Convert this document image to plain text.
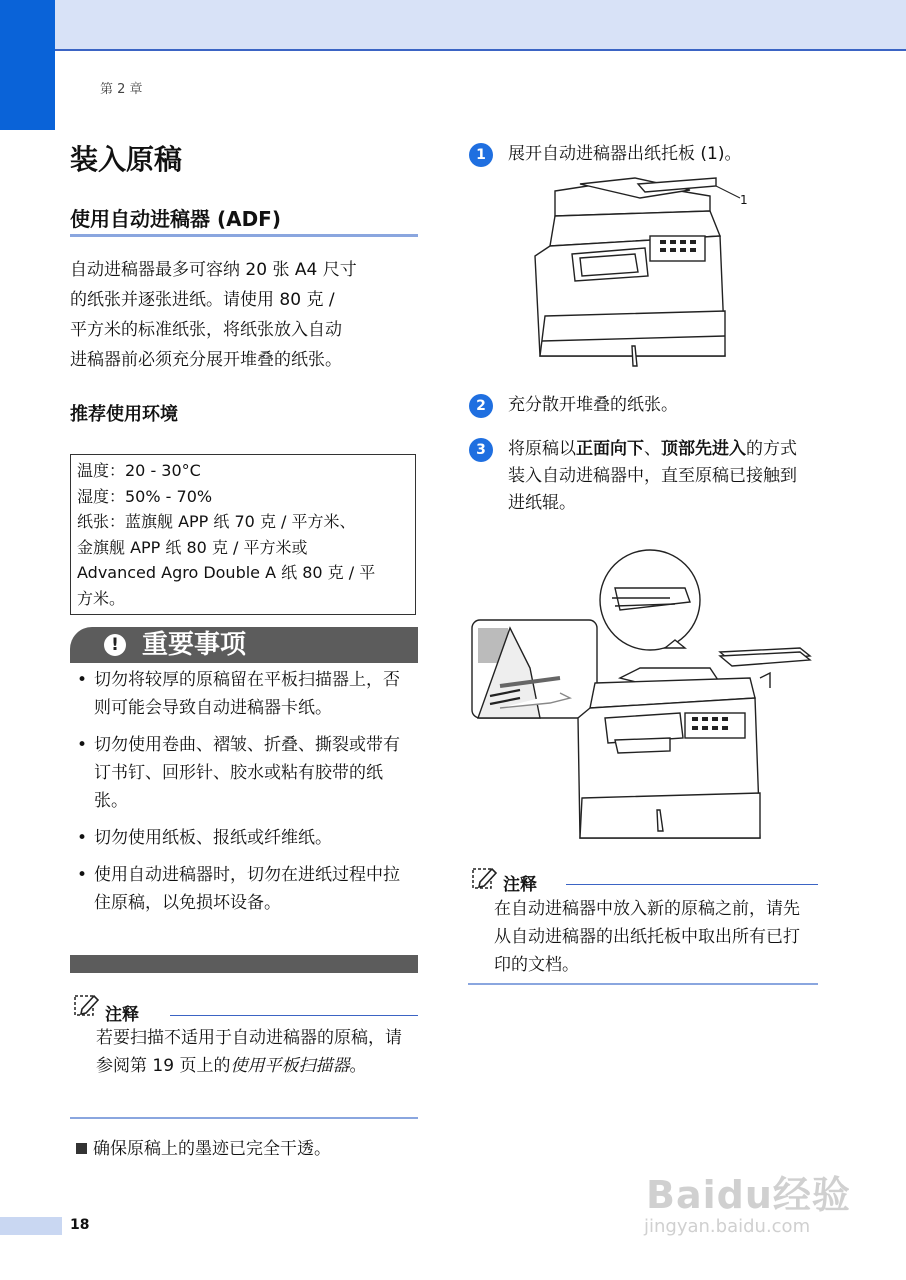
第 2 章
装入原稿
使用自动进稿器 (ADF)
自动进稿器最多可容纳 20 张 A4 尺寸
的纸张并逐张进纸。请使用 80 克 /
平方米的标准纸张，将纸张放入自动
进稿器前必须充分展开堆叠的纸张。
推荐使用环境
温度：20 - 30°C
湿度：50% - 70%
纸张：蓝旗舰 APP 纸 70 克 / 平方米、
金旗舰 APP 纸 80 克 / 平方米或
Advanced Agro Double A 纸 80 克 / 平
方米。
! 重要事项
• 切勿将较厚的原稿留在平板扫描器上，否则可能会导致自动进稿器卡纸。
• 切勿使用卷曲、褶皱、折叠、撕裂或带有订书钉、回形针、胶水或粘有胶带的纸张。
• 切勿使用纸板、报纸或纤维纸。
• 使用自动进稿器时，切勿在进纸过程中拉住原稿，以免损坏设备。
注释
若要扫描不适用于自动进稿器的原稿，请参阅第 19 页上的使用平板扫描器。
确保原稿上的墨迹已完全干透。
18
1	展开自动进稿器出纸托板 (1)。
1
2	充分散开堆叠的纸张。
3	将原稿以正面向下、顶部先进入的方式装入自动进稿器中，直至原稿已接触到进纸辊。
注释
在自动进稿器中放入新的原稿之前，请先从自动进稿器的出纸托板中取出所有已打印的文档。
Baidu经验
jingyan.baidu.com
